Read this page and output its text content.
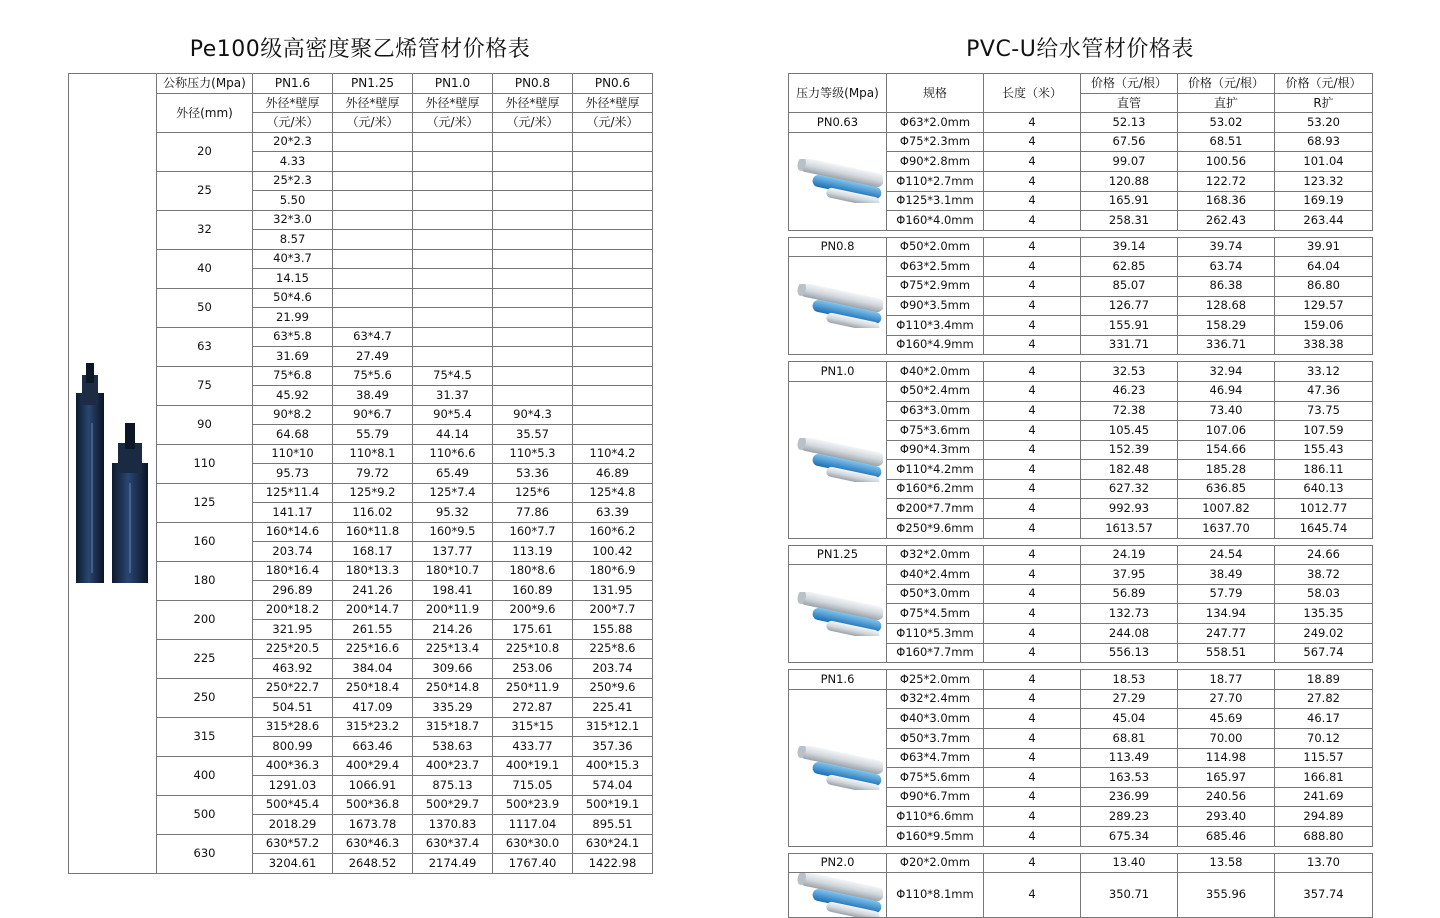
Pe100级高密度聚乙烯管材价格表	PVC-U给水管材价格表
	公称压力(Mpa)	PN1.6	PN1.25	PN1.0	PN0.8	PN0.6
	外径(mm)	外径*壁厚	外径*壁厚	外径*壁厚	外径*壁厚	外径*壁厚
		（元/米）	（元/米）	（元/米）	（元/米）	（元/米）
	20	20*2.3				
		4.33				
	25	25*2.3				
		5.50				
	32	32*3.0				
		8.57				
	40	40*3.7				
		14.15				
	50	50*4.6				
		21.99				
	63	63*5.8	63*4.7			
		31.69	27.49			
	75	75*6.8	75*5.6	75*4.5		
		45.92	38.49	31.37		
	90	90*8.2	90*6.7	90*5.4	90*4.3	
		64.68	55.79	44.14	35.57	
	110	110*10	110*8.1	110*6.6	110*5.3	110*4.2
		95.73	79.72	65.49	53.36	46.89
	125	125*11.4	125*9.2	125*7.4	125*6	125*4.8
		141.17	116.02	95.32	77.86	63.39
	160	160*14.6	160*11.8	160*9.5	160*7.7	160*6.2
		203.74	168.17	137.77	113.19	100.42
	180	180*16.4	180*13.3	180*10.7	180*8.6	180*6.9
		296.89	241.26	198.41	160.89	131.95
	200	200*18.2	200*14.7	200*11.9	200*9.6	200*7.7
		321.95	261.55	214.26	175.61	155.88
	225	225*20.5	225*16.6	225*13.4	225*10.8	225*8.6
		463.92	384.04	309.66	253.06	203.74
	250	250*22.7	250*18.4	250*14.8	250*11.9	250*9.6
		504.51	417.09	335.29	272.87	225.41
	315	315*28.6	315*23.2	315*18.7	315*15	315*12.1
		800.99	663.46	538.63	433.77	357.36
	400	400*36.3	400*29.4	400*23.7	400*19.1	400*15.3
		1291.03	1066.91	875.13	715.05	574.04
	500	500*45.4	500*36.8	500*29.7	500*23.9	500*19.1
		2018.29	1673.78	1370.83	1117.04	895.51
	630	630*57.2	630*46.3	630*37.4	630*30.0	630*24.1
		3204.61	2648.52	2174.49	1767.40	1422.98
压力等级(Mpa)	规格	长度（米）	价格（元/根）	价格（元/根）	价格（元/根）
			直管	直扩	R扩
PN0.63	Φ63*2.0mm	4	52.13	53.02	53.20

	Φ75*2.3mm	4	67.56	68.51	68.93
	Φ90*2.8mm	4	99.07	100.56	101.04
	Φ110*2.7mm	4	120.88	122.72	123.32
	Φ125*3.1mm	4	165.91	168.36	169.19
	Φ160*4.0mm	4	258.31	262.43	263.44

PN0.8	Φ50*2.0mm	4	39.14	39.74	39.91

	Φ63*2.5mm	4	62.85	63.74	64.04
	Φ75*2.9mm	4	85.07	86.38	86.80
	Φ90*3.5mm	4	126.77	128.68	129.57
	Φ110*3.4mm	4	155.91	158.29	159.06
	Φ160*4.9mm	4	331.71	336.71	338.38

PN1.0	Φ40*2.0mm	4	32.53	32.94	33.12

	Φ50*2.4mm	4	46.23	46.94	47.36
	Φ63*3.0mm	4	72.38	73.40	73.75
	Φ75*3.6mm	4	105.45	107.06	107.59
	Φ90*4.3mm	4	152.39	154.66	155.43
	Φ110*4.2mm	4	182.48	185.28	186.11
	Φ160*6.2mm	4	627.32	636.85	640.13
	Φ200*7.7mm	4	992.93	1007.82	1012.77
	Φ250*9.6mm	4	1613.57	1637.70	1645.74

PN1.25	Φ32*2.0mm	4	24.19	24.54	24.66

	Φ40*2.4mm	4	37.95	38.49	38.72
	Φ50*3.0mm	4	56.89	57.79	58.03
	Φ75*4.5mm	4	132.73	134.94	135.35
	Φ110*5.3mm	4	244.08	247.77	249.02
	Φ160*7.7mm	4	556.13	558.51	567.74

PN1.6	Φ25*2.0mm	4	18.53	18.77	18.89

	Φ32*2.4mm	4	27.29	27.70	27.82
	Φ40*3.0mm	4	45.04	45.69	46.17
	Φ50*3.7mm	4	68.81	70.00	70.12
	Φ63*4.7mm	4	113.49	114.98	115.57
	Φ75*5.6mm	4	163.53	165.97	166.81
	Φ90*6.7mm	4	236.99	240.56	241.69
	Φ110*6.6mm	4	289.23	293.40	294.89
	Φ160*9.5mm	4	675.34	685.46	688.80

PN2.0	Φ20*2.0mm	4	13.40	13.58	13.70

	Φ110*8.1mm	4	350.71	355.96	357.74
